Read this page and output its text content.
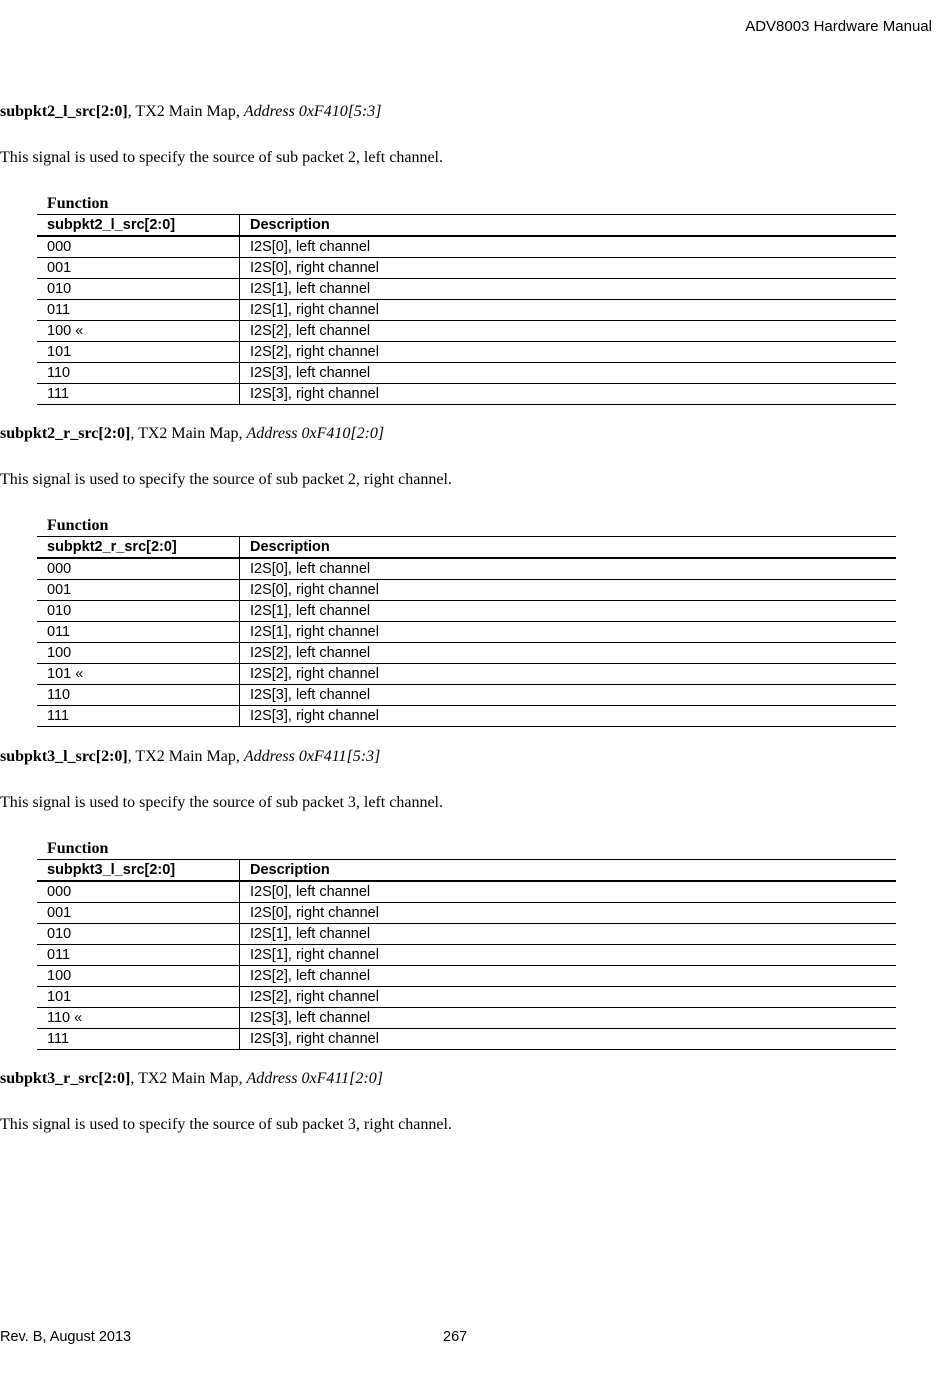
ADV8003 Hardware Manual

subpkt2_l_src[2:0], TX2 Main Map, Address 0xF410[5:3]

This signal is used to specify the source of sub packet 2, left channel.

Function
subpkt2_l_src[2:0]	Description
000	I2S[0], left channel
001	I2S[0], right channel
010	I2S[1], left channel
011	I2S[1], right channel
100 «	I2S[2], left channel
101	I2S[2], right channel
110	I2S[3], left channel
111	I2S[3], right channel

subpkt2_r_src[2:0], TX2 Main Map, Address 0xF410[2:0]

This signal is used to specify the source of sub packet 2, right channel.

Function
subpkt2_r_src[2:0]	Description
000	I2S[0], left channel
001	I2S[0], right channel
010	I2S[1], left channel
011	I2S[1], right channel
100	I2S[2], left channel
101 «	I2S[2], right channel
110	I2S[3], left channel
111	I2S[3], right channel

subpkt3_l_src[2:0], TX2 Main Map, Address 0xF411[5:3]

This signal is used to specify the source of sub packet 3, left channel.

Function
subpkt3_l_src[2:0]	Description
000	I2S[0], left channel
001	I2S[0], right channel
010	I2S[1], left channel
011	I2S[1], right channel
100	I2S[2], left channel
101	I2S[2], right channel
110 «	I2S[3], left channel
111	I2S[3], right channel

subpkt3_r_src[2:0], TX2 Main Map, Address 0xF411[2:0]

This signal is used to specify the source of sub packet 3, right channel.

Rev. B, August 2013	267
